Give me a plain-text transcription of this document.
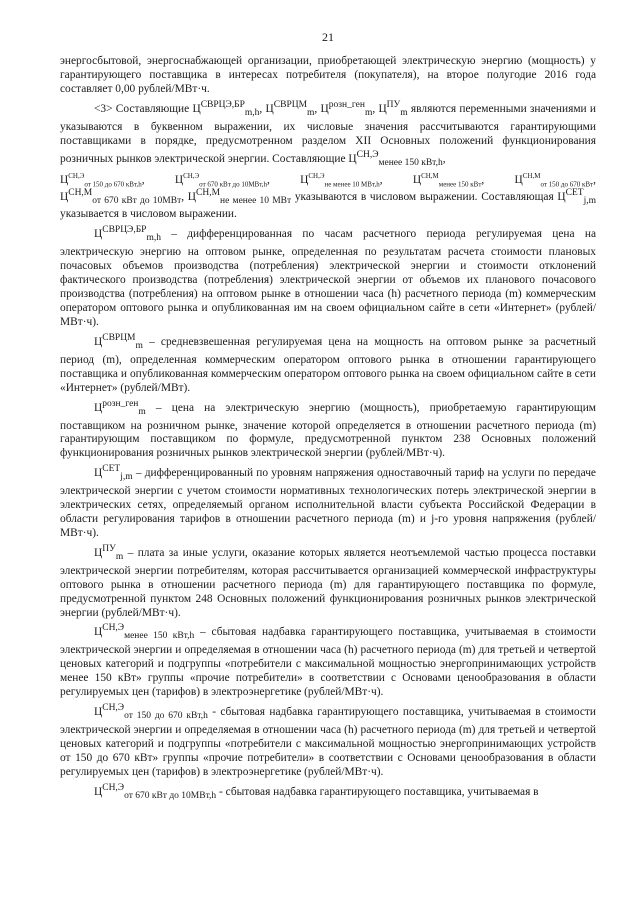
21

энергосбытовой, энергоснабжающей организации, приобретающей электрическую энергию (мощность) у гарантирующего поставщика в интересах потребителя (покупателя), на второе полугодие 2016 года составляет 0,00 рублей/МВт·ч.

<3> Составляющие $Ц^{СВРЦЭ,БР}_{m,h}$, $Ц^{СВРЦМ}_m$, $Ц^{розн\_ген}_m$, $Ц^{ПУ}_m$ являются переменными значениями и указываются в буквенном выражении, их числовые значения рассчитываются гарантирующими поставщиками в порядке, предусмотренном разделом XII Основных положений функционирования розничных рынков электрической энергии. Составляющие $Ц^{СН,Э}_{менее 150 кВт,h}$,

$Ц^{СН,Э}_{от 150 до 670 кВт,h}$,	$Ц^{СН,Э}_{от 670 кВт до 10МВт,h}$,	$Ц^{СН,Э}_{не менее 10 МВт,h}$,	$Ц^{СН,М}_{менее 150 кВт}$,	$Ц^{СН,М}_{от 150 до 670 кВт}$,

$Ц^{СН,М}_{от 670 кВт до 10МВт}$, $Ц^{СН,М}_{не менее 10 МВт}$ указываются в числовом выражении. Составляющая $Ц^{СЕТ}_{j,m}$ указывается в числовом выражении.

$Ц^{СВРЦЭ,БР}_{m,h}$ – дифференцированная по часам расчетного периода регулируемая цена на электрическую энергию на оптовом рынке, определенная по результатам расчета стоимости плановых почасовых объемов производства (потребления) электрической энергии и стоимости отклонений фактического производства (потребления) электрической энергии от объемов их планового почасового производства (потребления) на оптовом рынке в отношении часа (h) расчетного периода (m) коммерческим оператором оптового рынка и опубликованная им на своем официальном сайте в сети «Интернет» (рублей/МВт·ч).

$Ц^{СВРЦМ}_m$ – средневзвешенная регулируемая цена на мощность на оптовом рынке за расчетный период (m), определенная коммерческим оператором оптового рынка в отношении гарантирующего поставщика и опубликованная коммерческим оператором оптового рынка на своем официальном сайте в сети «Интернет» (рублей/МВт).

$Ц^{розн\_ген}_m$ – цена на электрическую энергию (мощность), приобретаемую гарантирующим поставщиком на розничном рынке, значение которой определяется в отношении расчетного периода (m) гарантирующим поставщиком по формуле, предусмотренной пунктом 238 Основных положений функционирования розничных рынков электрической энергии (рублей/МВт·ч).

$Ц^{СЕТ}_{j,m}$ – дифференцированный по уровням напряжения одноставочный тариф на услуги по передаче электрической энергии с учетом стоимости нормативных технологических потерь электрической энергии в электрических сетях, определяемый органом исполнительной власти субъекта Российской Федерации в области регулирования тарифов в отношении расчетного периода (m) и j-го уровня напряжения (рублей/МВт·ч).

$Ц^{ПУ}_m$ – плата за иные услуги, оказание которых является неотъемлемой частью процесса поставки электрической энергии потребителям, которая рассчитывается организацией коммерческой инфраструктуры оптового рынка в отношении расчетного периода (m) для гарантирующего поставщика по формуле, предусмотренной пунктом 248 Основных положений функционирования розничных рынков электрической энергии (рублей/МВт·ч).

$Ц^{СН,Э}_{менее 150 кВт,h}$ – сбытовая надбавка гарантирующего поставщика, учитываемая в стоимости электрической энергии и определяемая в отношении часа (h) расчетного периода (m) для третьей и четвертой ценовых категорий и подгруппы «потребители с максимальной мощностью энергопринимающих устройств менее 150 кВт» группы «прочие потребители» в соответствии с Основами ценообразования в области регулируемых цен (тарифов) в электроэнергетике (рублей/МВт·ч).

$Ц^{СН,Э}_{от 150 до 670 кВт,h}$ - сбытовая надбавка гарантирующего поставщика, учитываемая в стоимости электрической энергии и определяемая в отношении часа (h) расчетного периода (m) для третьей и четвертой ценовых категорий и подгруппы «потребители с максимальной мощностью энергопринимающих устройств от 150 до 670 кВт» группы «прочие потребители» в соответствии с Основами ценообразования в области регулируемых цен (тарифов) в электроэнергетике (рублей/МВт·ч).

$Ц^{СН,Э}_{от 670 кВт до 10МВт,h}$ - сбытовая надбавка гарантирующего поставщика, учитываемая в
